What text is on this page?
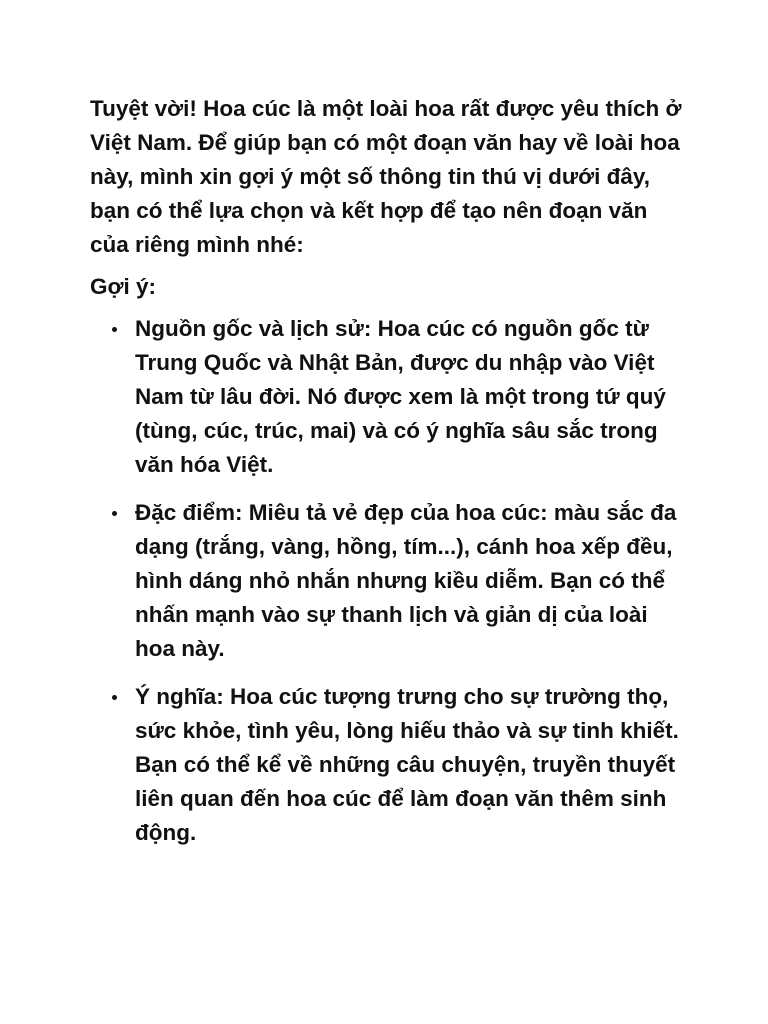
Tuyệt vời! Hoa cúc là một loài hoa rất được yêu thích ở Việt Nam. Để giúp bạn có một đoạn văn hay về loài hoa này, mình xin gợi ý một số thông tin thú vị dưới đây, bạn có thể lựa chọn và kết hợp để tạo nên đoạn văn của riêng mình nhé:

Gợi ý:

Nguồn gốc và lịch sử: Hoa cúc có nguồn gốc từ Trung Quốc và Nhật Bản, được du nhập vào Việt Nam từ lâu đời. Nó được xem là một trong tứ quý (tùng, cúc, trúc, mai) và có ý nghĩa sâu sắc trong văn hóa Việt.
Đặc điểm: Miêu tả vẻ đẹp của hoa cúc: màu sắc đa dạng (trắng, vàng, hồng, tím...), cánh hoa xếp đều, hình dáng nhỏ nhắn nhưng kiều diễm. Bạn có thể nhấn mạnh vào sự thanh lịch và giản dị của loài hoa này.
Ý nghĩa: Hoa cúc tượng trưng cho sự trường thọ, sức khỏe, tình yêu, lòng hiếu thảo và sự tinh khiết. Bạn có thể kể về những câu chuyện, truyền thuyết liên quan đến hoa cúc để làm đoạn văn thêm sinh động.
